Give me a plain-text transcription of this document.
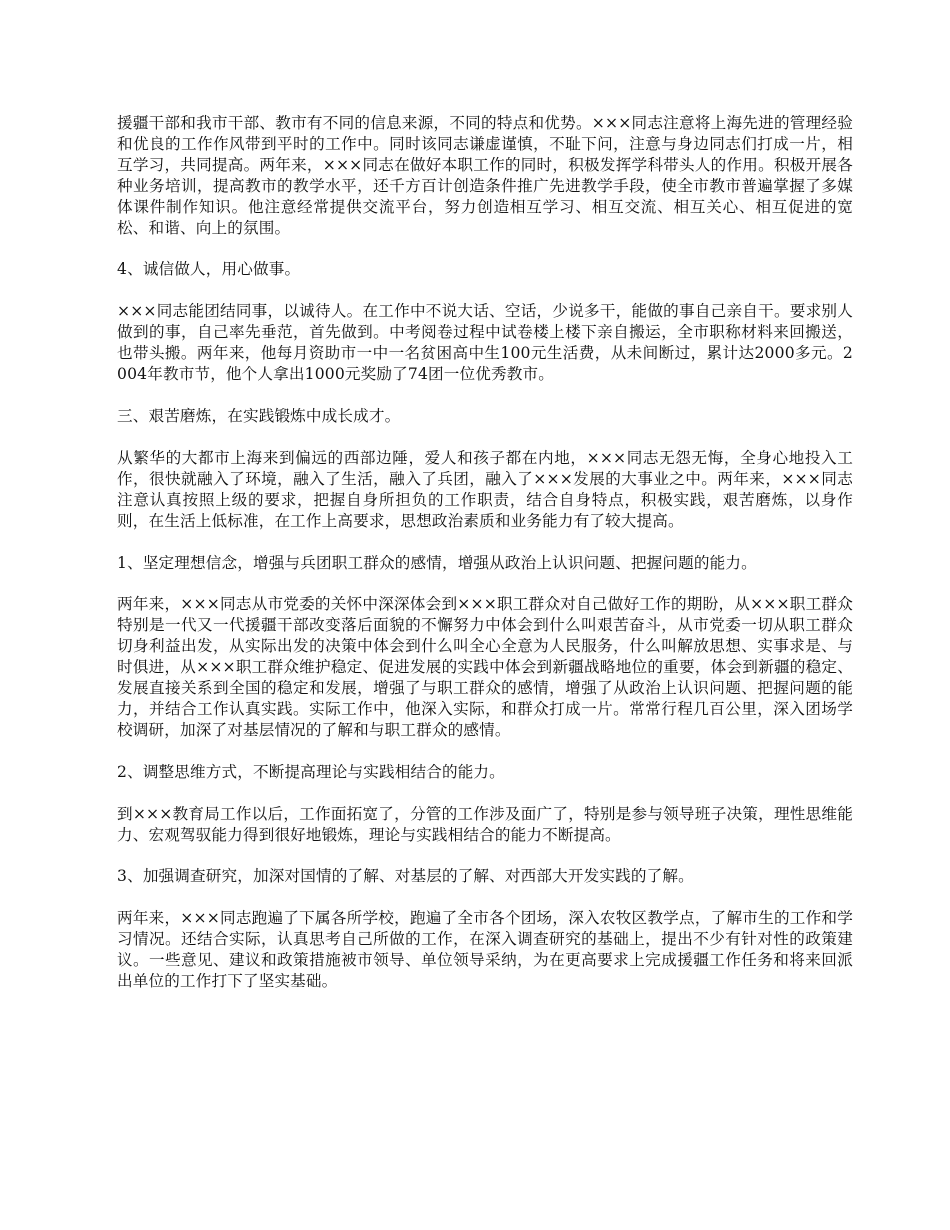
援疆干部和我市干部、教市有不同的信息来源，不同的特点和优势。×××同志注意将上海先进的管理经验和优良的工作作风带到平时的工作中。同时该同志谦虚谨慎，不耻下问，注意与身边同志们打成一片，相互学习，共同提高。两年来，×××同志在做好本职工作的同时，积极发挥学科带头人的作用。积极开展各种业务培训，提高教市的教学水平，还千方百计创造条件推广先进教学手段，使全市教市普遍掌握了多媒体课件制作知识。他注意经常提供交流平台，努力创造相互学习、相互交流、相互关心、相互促进的宽松、和谐、向上的氛围。

4、诚信做人，用心做事。

×××同志能团结同事，以诚待人。在工作中不说大话、空话，少说多干，能做的事自己亲自干。要求别人做到的事，自己率先垂范，首先做到。中考阅卷过程中试卷楼上楼下亲自搬运，全市职称材料来回搬送，也带头搬。两年来，他每月资助市一中一名贫困高中生100元生活费，从未间断过，累计达2000多元。2004年教市节，他个人拿出1000元奖励了74团一位优秀教市。

三、艰苦磨炼，在实践锻炼中成长成才。

从繁华的大都市上海来到偏远的西部边陲，爱人和孩子都在内地，×××同志无怨无悔，全身心地投入工作，很快就融入了环境，融入了生活，融入了兵团，融入了×××发展的大事业之中。两年来，×××同志注意认真按照上级的要求，把握自身所担负的工作职责，结合自身特点，积极实践，艰苦磨炼，以身作则，在生活上低标准，在工作上高要求，思想政治素质和业务能力有了较大提高。

1、坚定理想信念，增强与兵团职工群众的感情，增强从政治上认识问题、把握问题的能力。

两年来，×××同志从市党委的关怀中深深体会到×××职工群众对自己做好工作的期盼，从×××职工群众特别是一代又一代援疆干部改变落后面貌的不懈努力中体会到什么叫艰苦奋斗，从市党委一切从职工群众切身利益出发，从实际出发的决策中体会到什么叫全心全意为人民服务，什么叫解放思想、实事求是、与时俱进，从×××职工群众维护稳定、促进发展的实践中体会到新疆战略地位的重要，体会到新疆的稳定、发展直接关系到全国的稳定和发展，增强了与职工群众的感情，增强了从政治上认识问题、把握问题的能力，并结合工作认真实践。实际工作中，他深入实际，和群众打成一片。常常行程几百公里，深入团场学校调研，加深了对基层情况的了解和与职工群众的感情。

2、调整思维方式，不断提高理论与实践相结合的能力。

到×××教育局工作以后，工作面拓宽了，分管的工作涉及面广了，特别是参与领导班子决策，理性思维能力、宏观驾驭能力得到很好地锻炼，理论与实践相结合的能力不断提高。

3、加强调查研究，加深对国情的了解、对基层的了解、对西部大开发实践的了解。

两年来，×××同志跑遍了下属各所学校，跑遍了全市各个团场，深入农牧区教学点，了解市生的工作和学习情况。还结合实际，认真思考自己所做的工作，在深入调查研究的基础上，提出不少有针对性的政策建议。一些意见、建议和政策措施被市领导、单位领导采纳，为在更高要求上完成援疆工作任务和将来回派出单位的工作打下了坚实基础。
